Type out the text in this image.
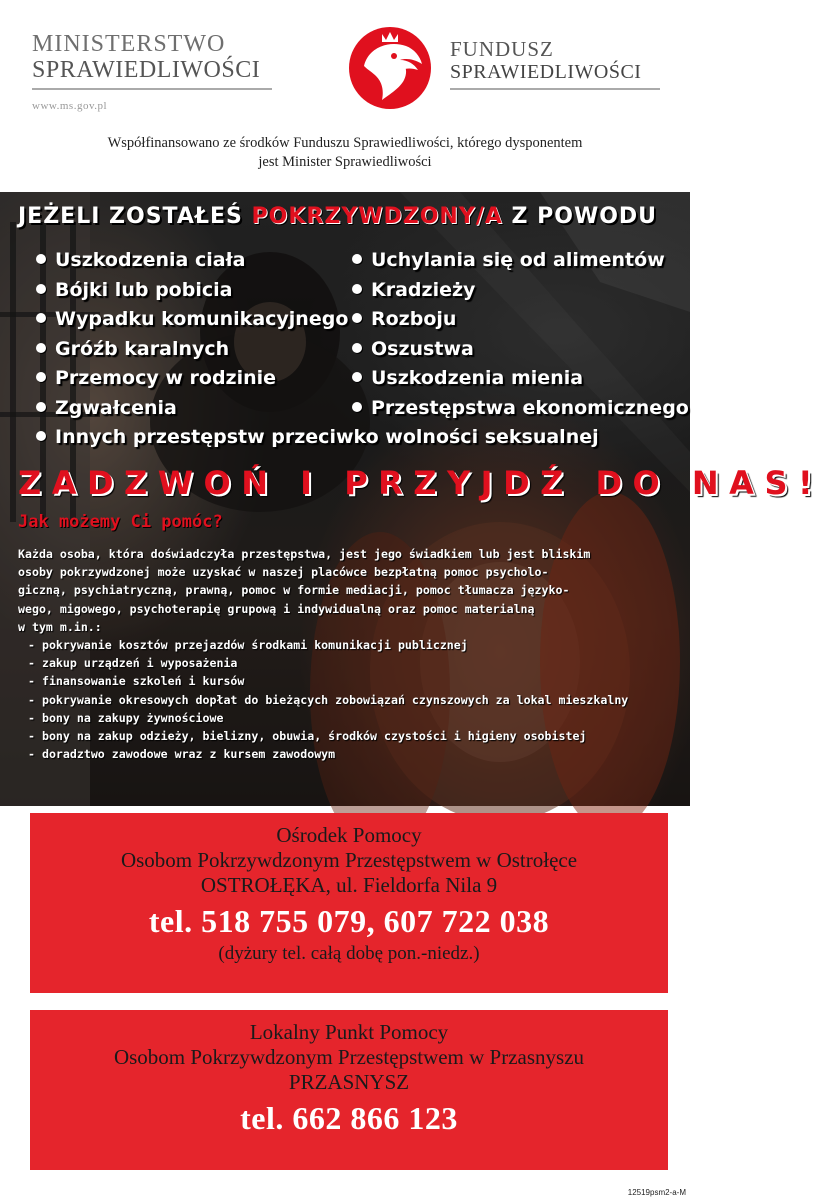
MINISTERSTWO
SPRAWIEDLIWOŚCI
www.ms.gov.pl
FUNDUSZ
SPRAWIEDLIWOŚCI
Współfinansowano ze środków Funduszu Sprawiedliwości, którego dysponentem
jest Minister Sprawiedliwości
JEŻELI ZOSTAŁEŚ POKRZYWDZONY/A Z POWODU
Uszkodzenia ciała
Bójki lub pobicia
Wypadku komunikacyjnego
Gróźb karalnych
Przemocy w rodzinie
Zgwałcenia
Uchylania się od alimentów
Kradzieży
Rozboju
Oszustwa
Uszkodzenia mienia
Przestępstwa ekonomicznego
Innych przestępstw przeciwko wolności seksualnej
ZADZWOŃ I PRZYJDŹ DO NAS!
Jak możemy Ci pomóc?

Każda osoba, która doświadczyła przestępstwa, jest jego świadkiem lub jest bliskim

osoby pokrzywdzonej może uzyskać w naszej placówce bezpłatną pomoc psycholo-

giczną, psychiatryczną, prawną, pomoc w formie mediacji, pomoc tłumacza języko-

wego, migowego, psychoterapię grupową i indywidualną oraz pomoc materialną

w tym m.in.:

- pokrywanie kosztów przejazdów środkami komunikacji publicznej
- zakup urządzeń i wyposażenia
- finansowanie szkoleń i kursów
- pokrywanie okresowych dopłat do bieżących zobowiązań czynszowych za lokal mieszkalny
- bony na zakupy żywnościowe
- bony na zakup odzieży, bielizny, obuwia, środków czystości i higieny osobistej
- doradztwo zawodowe wraz z kursem zawodowym
Ośrodek Pomocy
Osobom Pokrzywdzonym Przestępstwem w Ostrołęce
OSTROŁĘKA, ul. Fieldorfa Nila 9
tel. 518 755 079, 607 722 038
(dyżury tel. całą dobę pon.-niedz.)
Lokalny Punkt Pomocy
Osobom Pokrzywdzonym Przestępstwem w Przasnyszu
PRZASNYSZ
tel. 662 866 123
12519psm2-a-M
